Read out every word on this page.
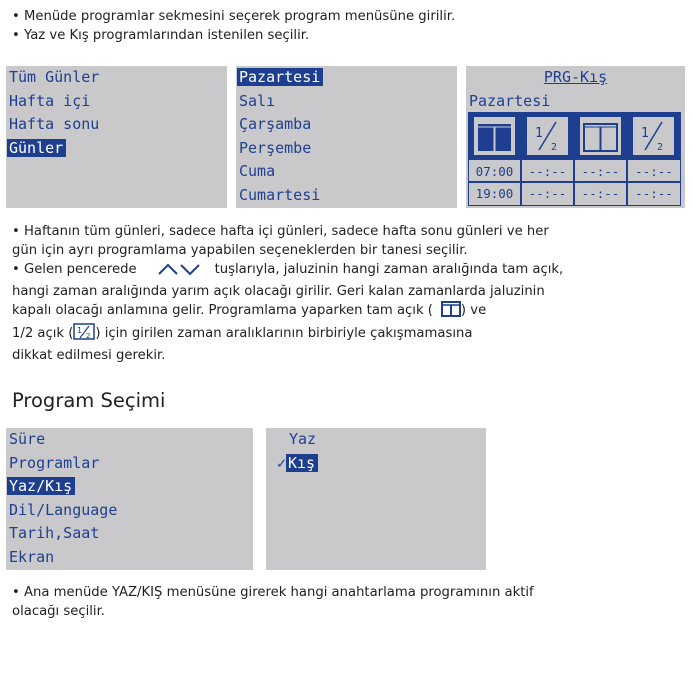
• Menüde programlar sekmesini seçerek program menüsüne girilir.

• Yaz ve Kış programlarından istenilen seçilir.

Tüm Günler
Hafta içi
Hafta sonu
Günler
Pazartesi
Salı
Çarşamba
Perşembe
Cuma
Cumartesi
PRG-Kış
Pazartesi
1
2
1
2
07:00
19:00
--:--
--:--
--:--
--:--
--:--
--:--

• Haftanın tüm günleri, sadece hafta içi günleri, sadece hafta sonu günleri ve her

gün için ayrı programlama yapabilen seçeneklerden bir tanesi seçilir.

• Gelen pencerede	tuşlarıyla, jaluzinin hangi zaman aralığında tam açık,

hangi zaman aralığında yarım açık olacağı girilir. Geri kalan zamanlarda jaluzinin

kapalı olacağı anlamına gelir. Programlama yaparken tam açık ( ) ve

1/2 açık ( 1
2 ) için girilen zaman aralıklarının birbiriyle çakışmamasına

dikkat edilmesi gerekir.

Program Seçimi
Süre
Programlar
Yaz/Kış
Dil/Language
Tarih,Saat
Ekran
Yaz
✓ Kış

• Ana menüde YAZ/KIŞ menüsüne girerek hangi anahtarlama programının aktif

olacağı seçilir.
